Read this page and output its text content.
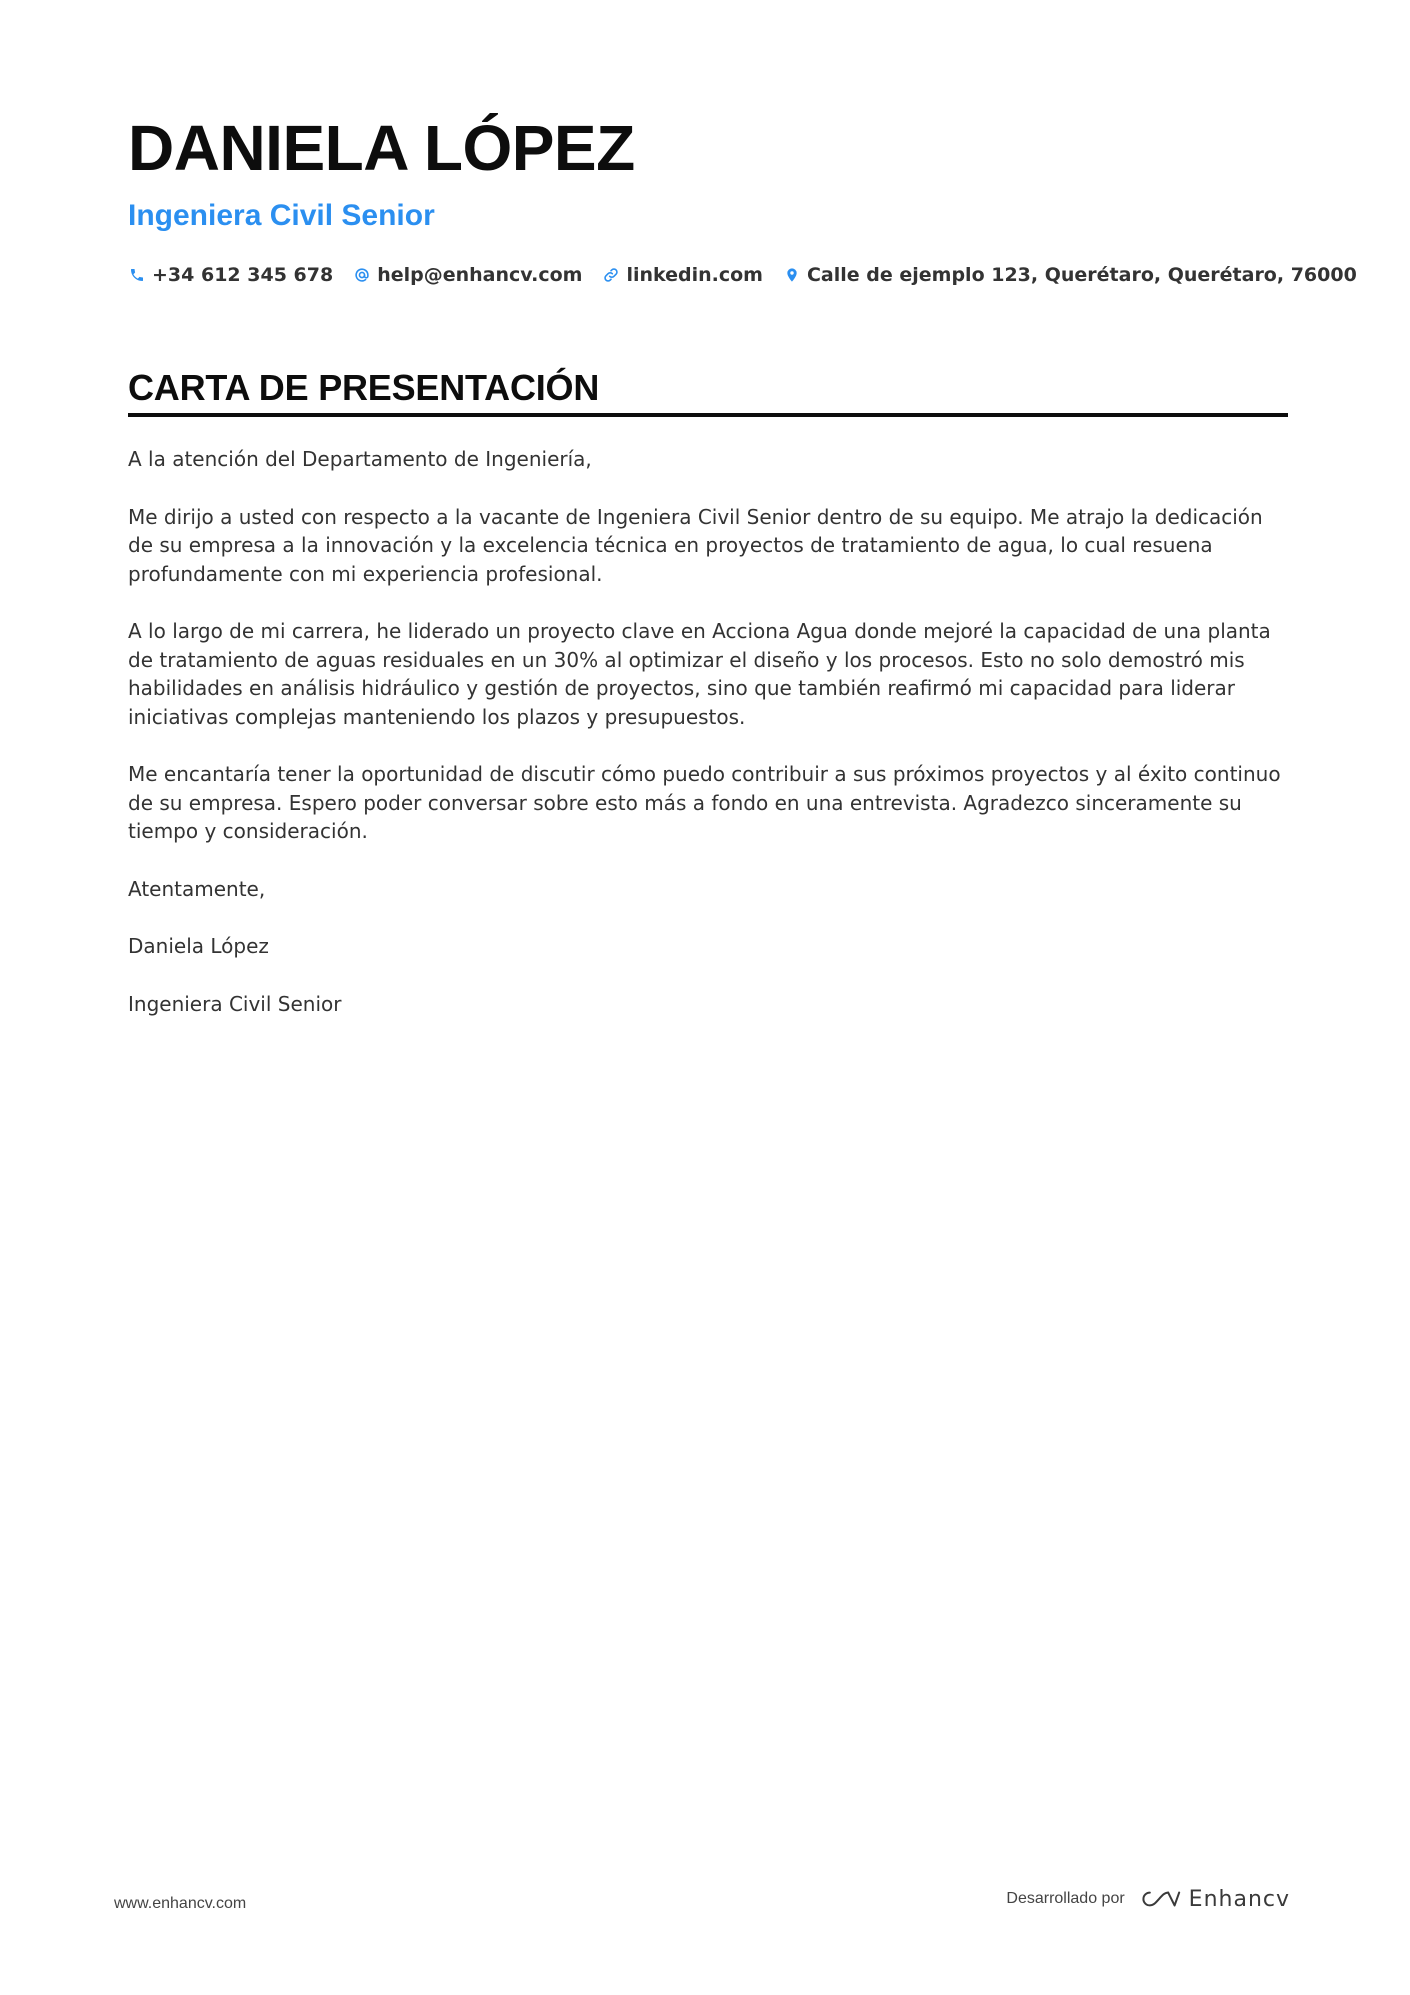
DANIELA LÓPEZ
Ingeniera Civil Senior
+34 612 345 678 help@enhancv.com linkedin.com Calle de ejemplo 123, Querétaro, Querétaro, 76000
CARTA DE PRESENTACIÓN

A la atención del Departamento de Ingeniería,

Me dirijo a usted con respecto a la vacante de Ingeniera Civil Senior dentro de su equipo. Me atrajo la dedicación de su empresa a la innovación y la excelencia técnica en proyectos de tratamiento de agua, lo cual resuena profundamente con mi experiencia profesional.

A lo largo de mi carrera, he liderado un proyecto clave en Acciona Agua donde mejoré la capacidad de una planta de tratamiento de aguas residuales en un 30% al optimizar el diseño y los procesos. Esto no solo demostró mis habilidades en análisis hidráulico y gestión de proyectos, sino que también reafirmó mi capacidad para liderar iniciativas complejas manteniendo los plazos y presupuestos.

Me encantaría tener la oportunidad de discutir cómo puedo contribuir a sus próximos proyectos y al éxito continuo de su empresa. Espero poder conversar sobre esto más a fondo en una entrevista. Agradezco sinceramente su tiempo y consideración.

Atentamente,

Daniela López

Ingeniera Civil Senior

www.enhancv.com	Desarrollado por	Enhancv
